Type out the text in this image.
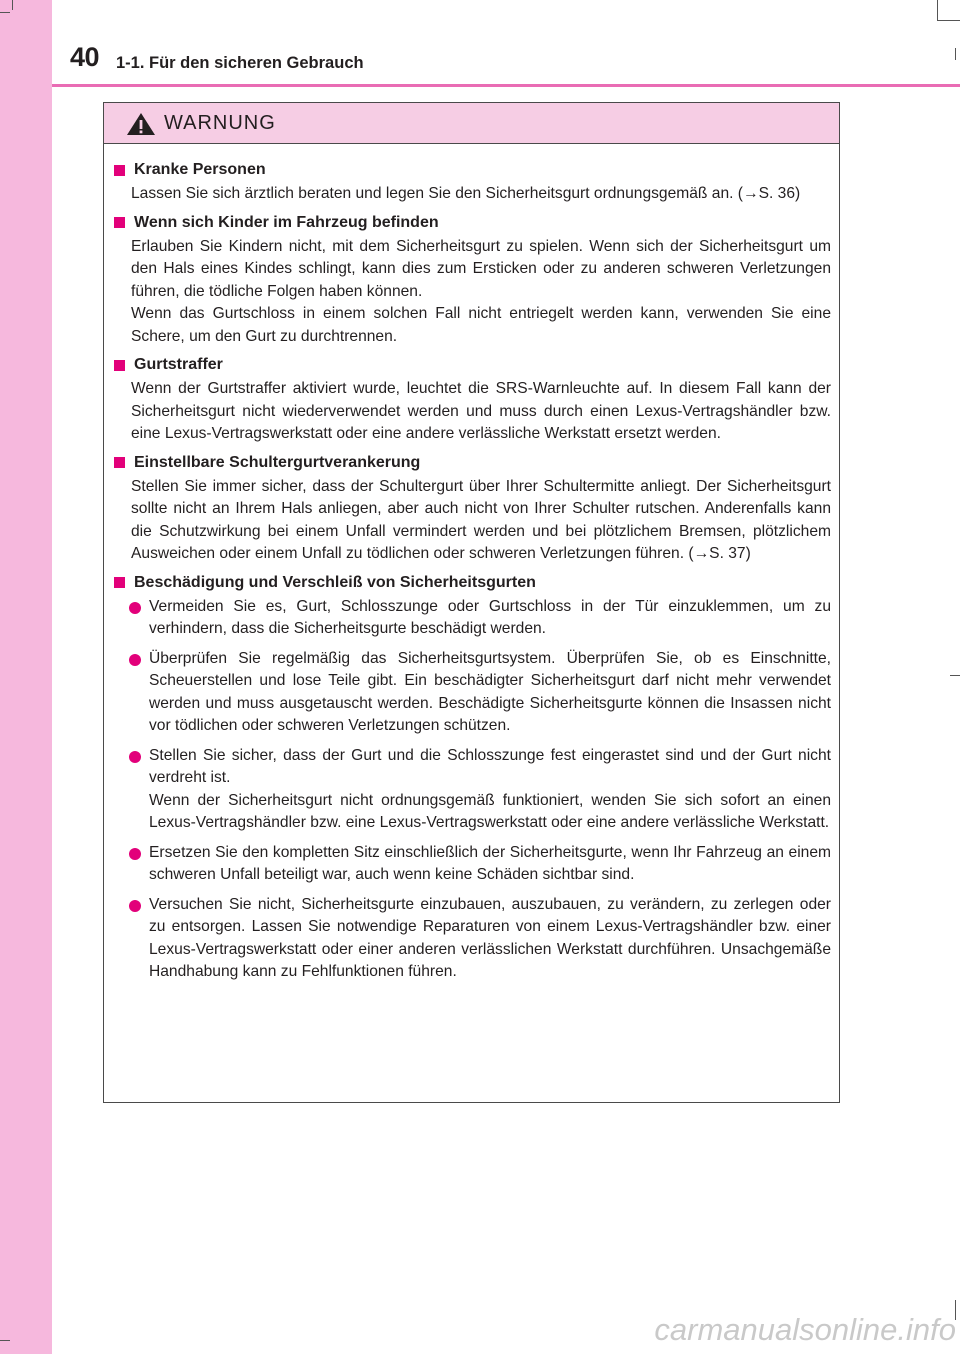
40 1-1. Für den sicheren Gebrauch
WARNUNG
Kranke Personen
Lassen Sie sich ärztlich beraten und legen Sie den Sicherheitsgurt ordnungsgemäß an. (→S. 36)
Wenn sich Kinder im Fahrzeug befinden
Erlauben Sie Kindern nicht, mit dem Sicherheitsgurt zu spielen. Wenn sich der Sicherheitsgurt um den Hals eines Kindes schlingt, kann dies zum Ersticken oder zu anderen schweren Verletzungen führen, die tödliche Folgen haben können.
Wenn das Gurtschloss in einem solchen Fall nicht entriegelt werden kann, verwenden Sie eine Schere, um den Gurt zu durchtrennen.
Gurtstraffer
Wenn der Gurtstraffer aktiviert wurde, leuchtet die SRS-Warnleuchte auf. In diesem Fall kann der Sicherheitsgurt nicht wiederverwendet werden und muss durch einen Lexus-Vertragshändler bzw. eine Lexus-Vertragswerkstatt oder eine andere verlässliche Werkstatt ersetzt werden.
Einstellbare Schultergurtverankerung
Stellen Sie immer sicher, dass der Schultergurt über Ihrer Schultermitte anliegt. Der Sicherheitsgurt sollte nicht an Ihrem Hals anliegen, aber auch nicht von Ihrer Schulter rutschen. Anderenfalls kann die Schutzwirkung bei einem Unfall vermindert werden und bei plötzlichem Bremsen, plötzlichem Ausweichen oder einem Unfall zu tödlichen oder schweren Verletzungen führen. (→S. 37)
Beschädigung und Verschleiß von Sicherheitsgurten
Vermeiden Sie es, Gurt, Schlosszunge oder Gurtschloss in der Tür einzuklemmen, um zu verhindern, dass die Sicherheitsgurte beschädigt werden.
Überprüfen Sie regelmäßig das Sicherheitsgurtsystem. Überprüfen Sie, ob es Einschnitte, Scheuerstellen und lose Teile gibt. Ein beschädigter Sicherheitsgurt darf nicht mehr verwendet werden und muss ausgetauscht werden. Beschädigte Sicherheitsgurte können die Insassen nicht vor tödlichen oder schweren Verletzungen schützen.
Stellen Sie sicher, dass der Gurt und die Schlosszunge fest eingerastet sind und der Gurt nicht verdreht ist.
Wenn der Sicherheitsgurt nicht ordnungsgemäß funktioniert, wenden Sie sich sofort an einen Lexus-Vertragshändler bzw. eine Lexus-Vertragswerkstatt oder eine andere verlässliche Werkstatt.
Ersetzen Sie den kompletten Sitz einschließlich der Sicherheitsgurte, wenn Ihr Fahrzeug an einem schweren Unfall beteiligt war, auch wenn keine Schäden sichtbar sind.
Versuchen Sie nicht, Sicherheitsgurte einzubauen, auszubauen, zu verändern, zu zerlegen oder zu entsorgen. Lassen Sie notwendige Reparaturen von einem Lexus-Vertragshändler bzw. einer Lexus-Vertragswerkstatt oder einer anderen verlässlichen Werkstatt durchführen. Unsachgemäße Handhabung kann zu Fehlfunktionen führen.
carmanualsonline.info
